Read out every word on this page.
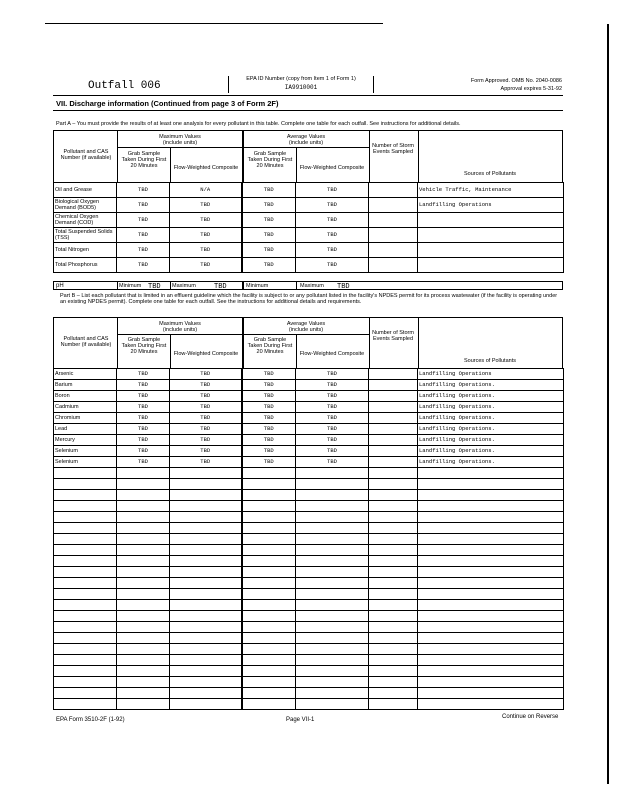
Outfall 006
EPA ID Number (copy from Item 1 of Form 1)
IA9910001
Form Approved. OMB No. 2040-0086
Approval expires 5-31-92
VII. Discharge information (Continued from page 3 of Form 2F)
Part A – You must provide the results of at least one analysis for every pollutant in this table. Complete one table for each outfall. See instructions for additional details.
Pollutant and CAS Number (if available)
Maximum Values
(include units)
Grab Sample Taken During First 20 Minutes	Flow-Weighted Composite
Average Values
(include units)
Grab Sample Taken During First 20 Minutes	Flow-Weighted Composite
Number of Storm Events Sampled
Sources of Pollutants
Oil and Grease	TBD	N/A	TBD	TBD		Vehicle Traffic, Maintenance
Biological Oxygen Demand (BOD5)	TBD	TBD	TBD	TBD		Landfilling Operations
Chemical Oxygen Demand (COD)	TBD	TBD	TBD	TBD		
Total Suspended Solids (TSS)	TBD	TBD	TBD	TBD		
Total Nitrogen	TBD	TBD	TBD	TBD		
Total Phosphorus	TBD	TBD	TBD	TBD		
pH	Minimum TBD Maximum	TBD	Minimum	Maximum TBD
Part B – List each pollutant that is limited in an effluent guideline which the facility is subject to or any pollutant listed in the facility's NPDES permit for its process wastewater (if the facility is operating under an existing NPDES permit). Complete one table for each outfall. See the instructions for additional details and requirements.
Pollutant and CAS Number (if available)
Maximum Values
(include units)
Grab Sample Taken During First 20 Minutes	Flow-Weighted Composite
Average Values
(include units)
Grab Sample Taken During First 20 Minutes	Flow-Weighted Composite
Number of Storm Events Sampled
Sources of Pollutants
Arsenic	TBD	TBD	TBD	TBD		Landfilling Operations
Barium	TBD	TBD	TBD	TBD		Landfilling Operations.
Boron	TBD	TBD	TBD	TBD		Landfilling Operations.
Cadmium	TBD	TBD	TBD	TBD		Landfilling Operations.
Chromium	TBD	TBD	TBD	TBD		Landfilling Operations.
Lead	TBD	TBD	TBD	TBD		Landfilling Operations.
Mercury	TBD	TBD	TBD	TBD		Landfilling Operations.
Selenium	TBD	TBD	TBD	TBD		Landfilling Operations.
Selenium	TBD	TBD	TBD	TBD		Landfilling Operations.

EPA Form 3510-2F (1-92)	Page VII-1	Continue on Reverse
